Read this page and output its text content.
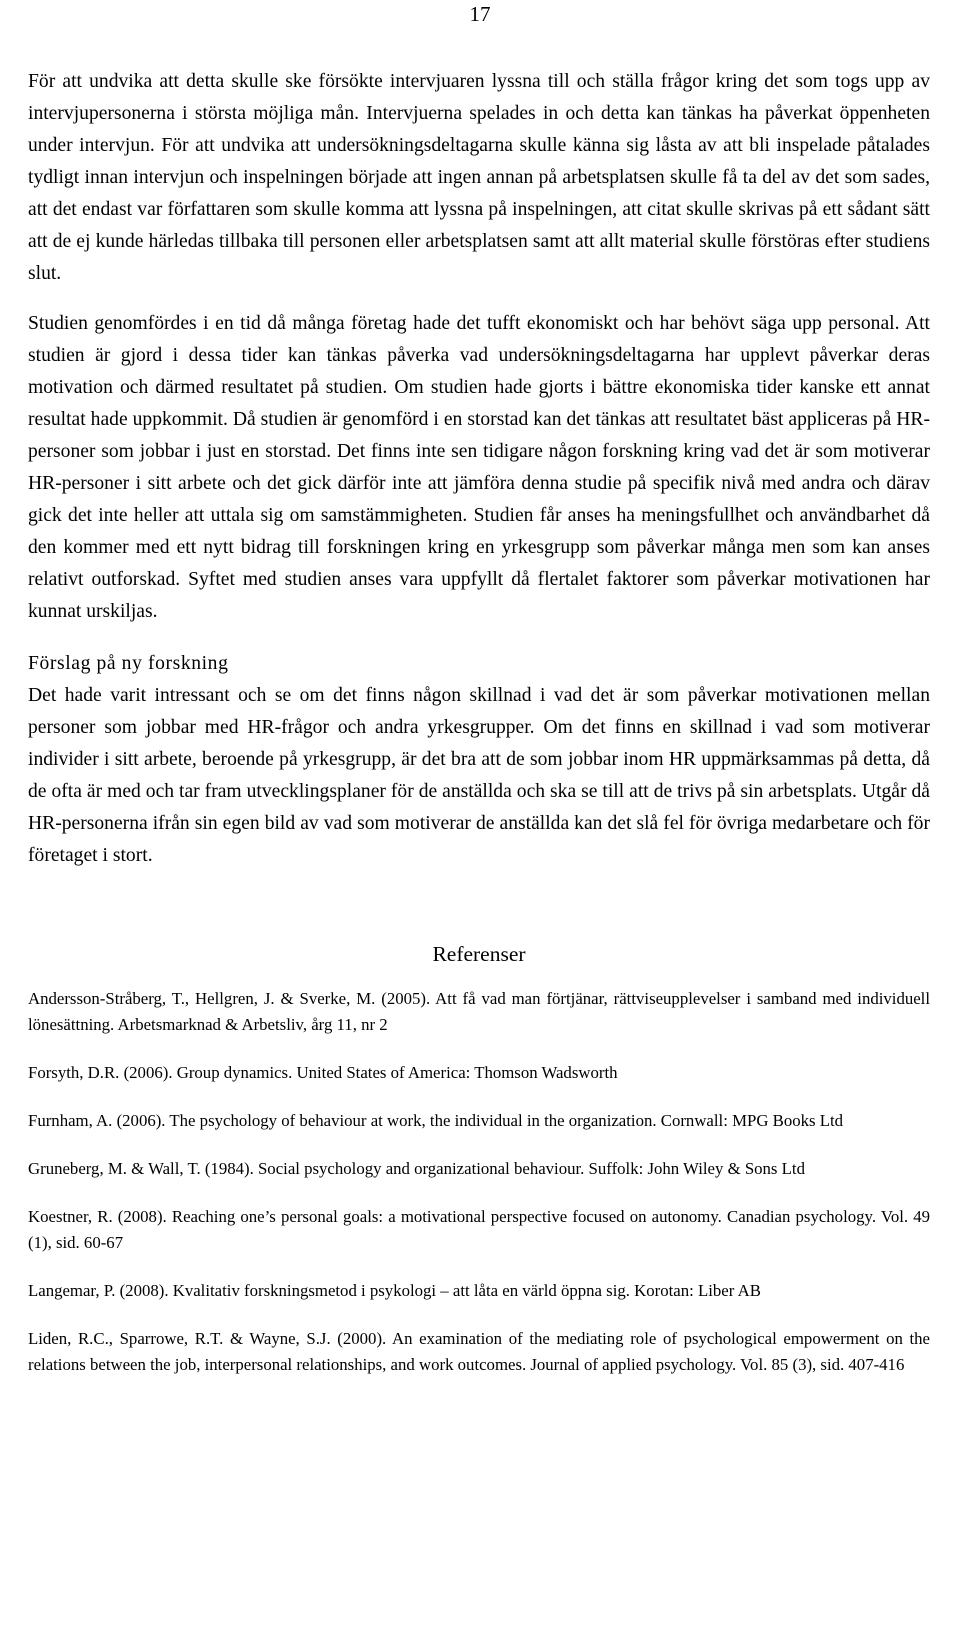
17

För att undvika att detta skulle ske försökte intervjuaren lyssna till och ställa frågor kring det som togs upp av intervjupersonerna i största möjliga mån. Intervjuerna spelades in och detta kan tänkas ha påverkat öppenheten under intervjun. För att undvika att undersökningsdeltagarna skulle känna sig låsta av att bli inspelade påtalades tydligt innan intervjun och inspelningen började att ingen annan på arbetsplatsen skulle få ta del av det som sades, att det endast var författaren som skulle komma att lyssna på inspelningen, att citat skulle skrivas på ett sådant sätt att de ej kunde härledas tillbaka till personen eller arbetsplatsen samt att allt material skulle förstöras efter studiens slut.

Studien genomfördes i en tid då många företag hade det tufft ekonomiskt och har behövt säga upp personal. Att studien är gjord i dessa tider kan tänkas påverka vad undersökningsdeltagarna har upplevt påverkar deras motivation och därmed resultatet på studien. Om studien hade gjorts i bättre ekonomiska tider kanske ett annat resultat hade uppkommit. Då studien är genomförd i en storstad kan det tänkas att resultatet bäst appliceras på HR-personer som jobbar i just en storstad. Det finns inte sen tidigare någon forskning kring vad det är som motiverar HR-personer i sitt arbete och det gick därför inte att jämföra denna studie på specifik nivå med andra och därav gick det inte heller att uttala sig om samstämmigheten. Studien får anses ha meningsfullhet och användbarhet då den kommer med ett nytt bidrag till forskningen kring en yrkesgrupp som påverkar många men som kan anses relativt outforskad. Syftet med studien anses vara uppfyllt då flertalet faktorer som påverkar motivationen har kunnat urskiljas.

Förslag på ny forskning

Det hade varit intressant och se om det finns någon skillnad i vad det är som påverkar motivationen mellan personer som jobbar med HR-frågor och andra yrkesgrupper. Om det finns en skillnad i vad som motiverar individer i sitt arbete, beroende på yrkesgrupp, är det bra att de som jobbar inom HR uppmärksammas på detta, då de ofta är med och tar fram utvecklingsplaner för de anställda och ska se till att de trivs på sin arbetsplats. Utgår då HR-personerna ifrån sin egen bild av vad som motiverar de anställda kan det slå fel för övriga medarbetare och för företaget i stort.

Referenser

Andersson-Stråberg, T., Hellgren, J. & Sverke, M. (2005). Att få vad man förtjänar, rättviseupplevelser i samband med individuell lönesättning. Arbetsmarknad & Arbetsliv, årg 11, nr 2

Forsyth, D.R. (2006). Group dynamics. United States of America: Thomson Wadsworth

Furnham, A. (2006). The psychology of behaviour at work, the individual in the organization. Cornwall: MPG Books Ltd

Gruneberg, M. & Wall, T. (1984). Social psychology and organizational behaviour. Suffolk: John Wiley & Sons Ltd

Koestner, R. (2008). Reaching one’s personal goals: a motivational perspective focused on autonomy. Canadian psychology. Vol. 49 (1), sid. 60-67

Langemar, P. (2008). Kvalitativ forskningsmetod i psykologi – att låta en värld öppna sig. Korotan: Liber AB

Liden, R.C., Sparrowe, R.T. & Wayne, S.J. (2000). An examination of the mediating role of psychological empowerment on the relations between the job, interpersonal relationships, and work outcomes. Journal of applied psychology. Vol. 85 (3), sid. 407-416
